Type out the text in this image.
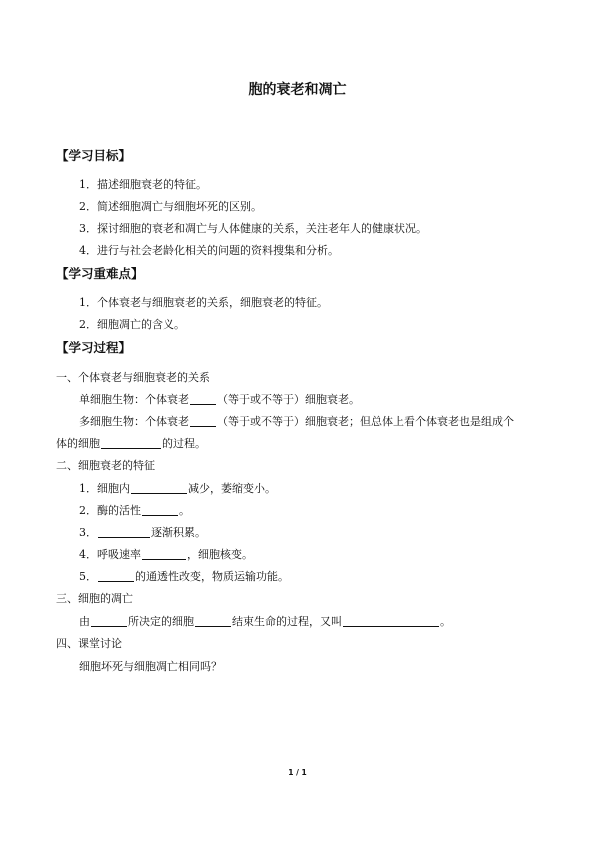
胞的衰老和凋亡
【学习目标】
1．描述细胞衰老的特征。
2．简述细胞凋亡与细胞坏死的区别。
3．探讨细胞的衰老和凋亡与人体健康的关系，关注老年人的健康状况。
4．进行与社会老龄化相关的问题的资料搜集和分析。
【学习重难点】
1．个体衰老与细胞衰老的关系，细胞衰老的特征。
2．细胞凋亡的含义。
【学习过程】
一、个体衰老与细胞衰老的关系
单细胞生物：个体衰老	（等于或不等于）细胞衰老。
多细胞生物：个体衰老	（等于或不等于）细胞衰老；但总体上看个体衰老也是组成个
体的细胞	的过程。
二、细胞衰老的特征
1．细胞内	减少，萎缩变小。
2．酶的活性	。
3．	逐渐积累。
4．呼吸速率	，细胞核变。
5．	的通透性改变，物质运输功能。
三、细胞的凋亡
由	所决定的细胞	结束生命的过程，又叫	。
四、课堂讨论
细胞坏死与细胞凋亡相同吗？
1 / 1
